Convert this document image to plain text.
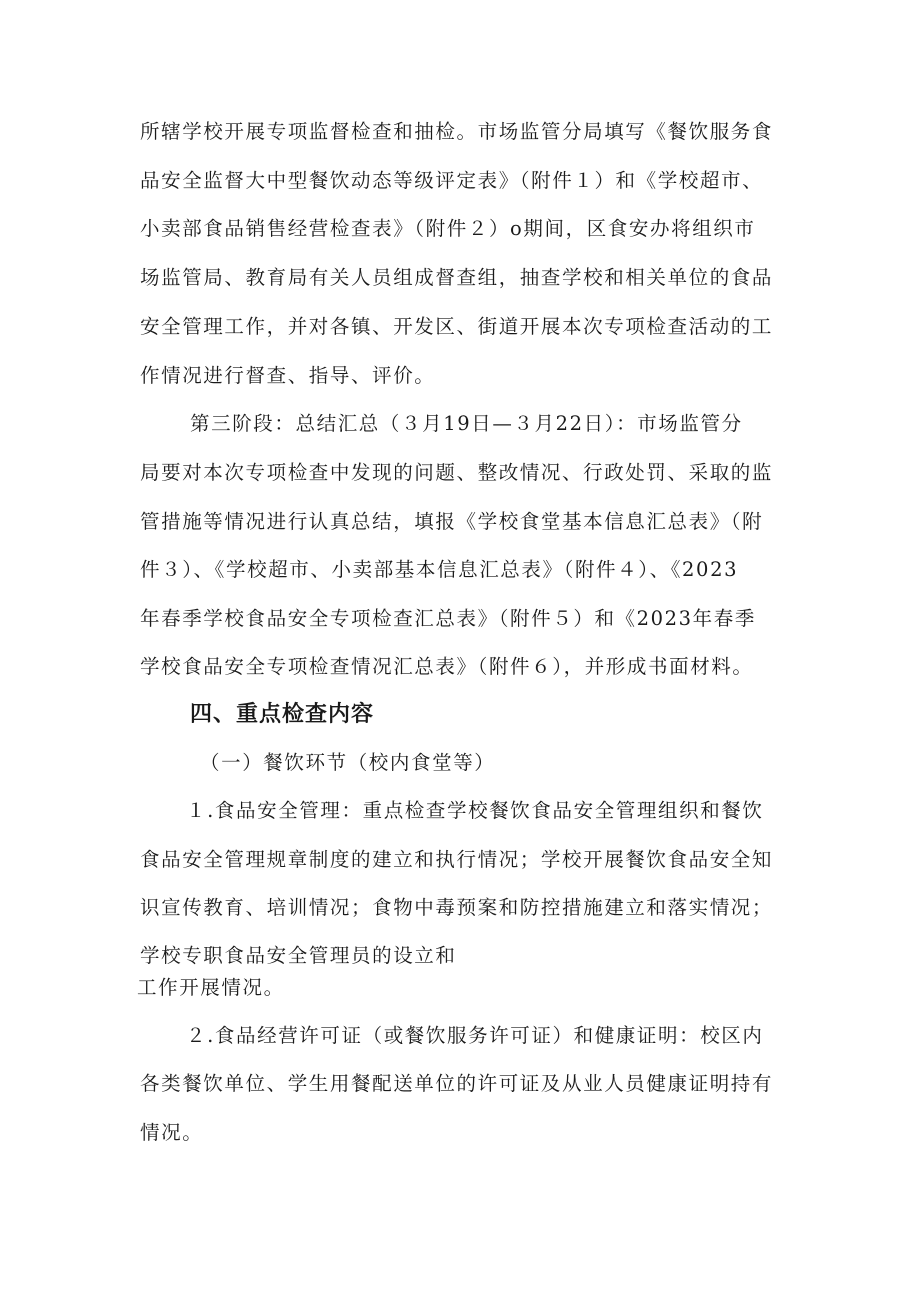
所辖学校开展专项监督检查和抽检。市场监管分局填写《餐饮服务食

品安全监督大中型餐饮动态等级评定表》（附件１）和《学校超市、

小卖部食品销售经营检查表》（附件２）o期间，区食安办将组织市

场监管局、教育局有关人员组成督查组，抽查学校和相关单位的食品

安全管理工作，并对各镇、开发区、街道开展本次专项检查活动的工

作情况进行督查、指导、评价。

第三阶段：总结汇总（３月19日—３月22日）：市场监管分

局要对本次专项检查中发现的问题、整改情况、行政处罚、采取的监

管措施等情况进行认真总结，填报《学校食堂基本信息汇总表》（附

件３）、《学校超市、小卖部基本信息汇总表》（附件４）、《2023

年春季学校食品安全专项检查汇总表》（附件５）和《2023年春季

学校食品安全专项检查情况汇总表》（附件６），并形成书面材料。

四、重点检查内容

（一）餐饮环节（校内食堂等）

１.食品安全管理：重点检查学校餐饮食品安全管理组织和餐饮

食品安全管理规章制度的建立和执行情况；学校开展餐饮食品安全知

识宣传教育、培训情况；食物中毒预案和防控措施建立和落实情况；

学校专职食品安全管理员的设立和

工作开展情况。

２.食品经营许可证（或餐饮服务许可证）和健康证明：校区内

各类餐饮单位、学生用餐配送单位的许可证及从业人员健康证明持有

情况。
